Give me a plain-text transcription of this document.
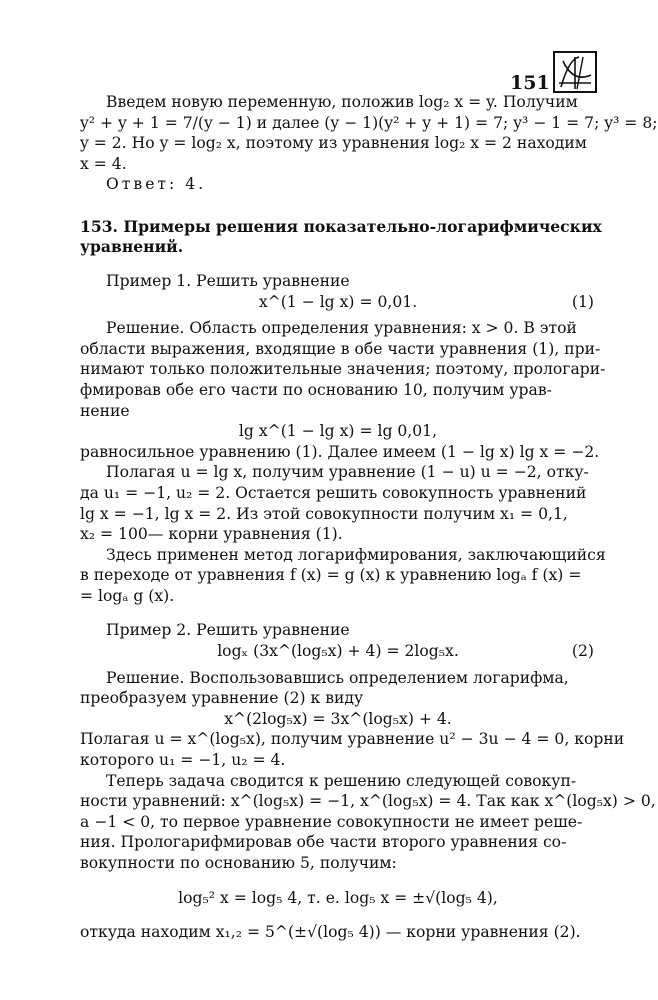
151
Введем новую переменную, положив log₂ x = y. Получим
y² + y + 1 = 7/(y − 1) и далее (y − 1)(y² + y + 1) = 7; y³ − 1 = 7; y³ = 8;
y = 2. Но y = log₂ x, поэтому из уравнения log₂ x = 2 находим
x = 4.
Ответ: 4.
153. Примеры решения показательно-логарифмических
уравнений.
Пример 1. Решить уравнение
x^(1 − lg x) = 0,01.	(1)
Решение. Область определения уравнения: x > 0. В этой
области выражения, входящие в обе части уравнения (1), при-
нимают только положительные значения; поэтому, прологари-
фмировав обе его части по основанию 10, получим урав-
нение
lg x^(1 − lg x) = lg 0,01,
равносильное уравнению (1). Далее имеем (1 − lg x) lg x = −2.
Полагая u = lg x, получим уравнение (1 − u) u = −2, отку-
да u₁ = −1, u₂ = 2. Остается решить совокупность уравнений
lg x = −1, lg x = 2. Из этой совокупности получим x₁ = 0,1,
x₂ = 100— корни уравнения (1).
Здесь применен метод логарифмирования, заключающийся
в переходе от уравнения f (x) = g (x) к уравнению logₐ f (x) =
= logₐ g (x).
Пример 2. Решить уравнение
logₓ (3x^(log₅x) + 4) = 2log₅x.	(2)
Решение. Воспользовавшись определением логарифма,
преобразуем уравнение (2) к виду
x^(2log₅x) = 3x^(log₅x) + 4.
Полагая u = x^(log₅x), получим уравнение u² − 3u − 4 = 0, корни
которого u₁ = −1, u₂ = 4.
Теперь задача сводится к решению следующей совокуп-
ности уравнений: x^(log₅x) = −1, x^(log₅x) = 4. Так как x^(log₅x) > 0,
а −1 < 0, то первое уравнение совокупности не имеет реше-
ния. Прологарифмировав обе части второго уравнения со-
вокупности по основанию 5, получим:
log₅² x = log₅ 4, т. е. log₅ x = ±√(log₅ 4),
откуда находим x₁,₂ = 5^(±√(log₅ 4)) — корни уравнения (2).
